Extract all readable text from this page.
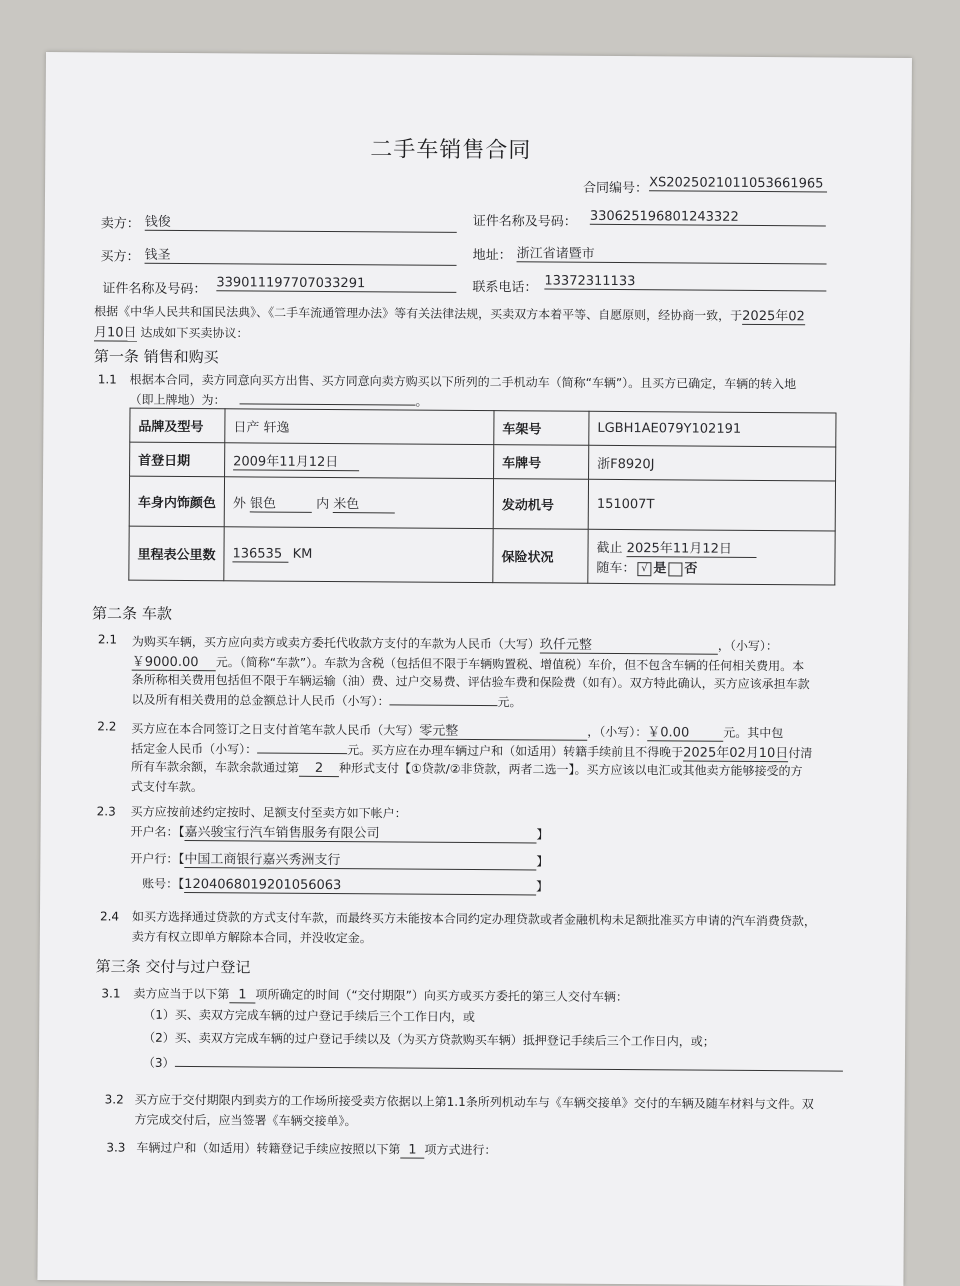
二手车销售合同
合同编号： XS2025021011053661965
卖方： 钱俊	证件名称及号码： 330625196801243322
买方： 钱圣	地址： 浙江省诸暨市
证件名称及号码： 339011197707033291	联系电话： 13372311133
根据《中华人民共和国民法典》、《二手车流通管理办法》等有关法律法规，买卖双方本着平等、自愿原则，经协商一致，于2025年02
月10日 达成如下买卖协议：
第一条 销售和购买
1.1 根据本合同，卖方同意向买方出售、买方同意向卖方购买以下所列的二手机动车（简称“车辆”）。且买方已确定，车辆的转入地
（即上牌地）为：	。
品牌及型号	日产 轩逸	车架号	LGBH1AE079Y102191
首登日期	2009年11月12日	车牌号	浙F8920J
车身内饰颜色	外 银色 内 米色	发动机号	151007T
里程表公里数	136535 KM	保险状况	截止 2025年11月12日
随车： √ 是 否
第二条 车款
2.1 为购买车辆，买方应向卖方或卖方委托代收款方支付的车款为人民币（大写）玖仟元整	，（小写）：
￥9000.00 元。（简称“车款”）。车款为含税（包括但不限于车辆购置税、增值税）车价，但不包含车辆的任何相关费用。本
条所称相关费用包括但不限于车辆运输（油）费、过户交易费、评估验车费和保险费（如有）。双方特此确认，买方应该承担车款
以及所有相关费用的总金额总计人民币（小写）：	元。
2.2 买方应在本合同签订之日支付首笔车款人民币（大写）零元整	，（小写）：￥0.00	元。其中包
括定金人民币（小写）：	元。买方应在办理车辆过户和（如适用）转籍手续前且不得晚于2025年02月10日付清
所有车款余额，车款余款通过第 2 种形式支付【①贷款/②非贷款，两者二选一】。买方应该以电汇或其他卖方能够接受的方
式支付车款。
2.3 买方应按前述约定按时、足额支付至卖方如下帐户：
开户名：【嘉兴骏宝行汽车销售服务有限公司	】
开户行：【中国工商银行嘉兴秀洲支行	】
账号：【1204068019201056063	】
2.4 如买方选择通过贷款的方式支付车款，而最终买方未能按本合同约定办理贷款或者金融机构未足额批准买方申请的汽车消费贷款，
卖方有权立即单方解除本合同，并没收定金。
第三条 交付与过户登记
3.1 卖方应当于以下第 1 项所确定的时间（“交付期限”）向买方或买方委托的第三人交付车辆：
（1）买、卖双方完成车辆的过户登记手续后三个工作日内，或
（2）买、卖双方完成车辆的过户登记手续以及（为买方贷款购买车辆）抵押登记手续后三个工作日内，或；
（3）
3.2 买方应于交付期限内到卖方的工作场所接受卖方依据以上第1.1条所列机动车与《车辆交接单》交付的车辆及随车材料与文件。双
方完成交付后，应当签署《车辆交接单》。
3.3 车辆过户和（如适用）转籍登记手续应按照以下第 1 项方式进行：
